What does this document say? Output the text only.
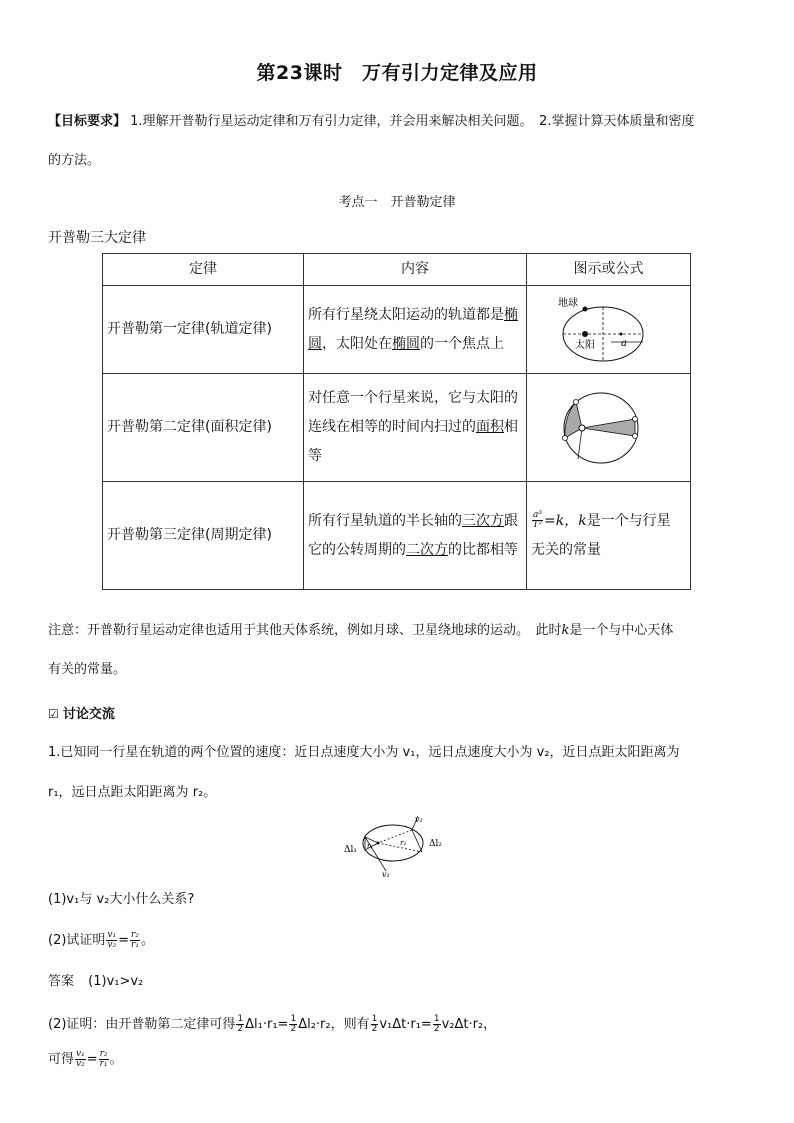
第23课时　万有引力定律及应用
【目标要求】 1.理解开普勒行星运动定律和万有引力定律，并会用来解决相关问题。　2.掌握计算天体质量和密度
的方法。
考点一　开普勒定律
开普勒三大定律
定律	内容	图示或公式
开普勒第一定律(轨道定律)	所有行星绕太阳运动的轨道都是椭
圆，太阳处在椭圆的一个焦点上	地球
太阳 a

开普勒第二定律(面积定律)	对任意一个行星来说，它与太阳的
连线在相等的时间内扫过的面积相
等	

开普勒第三定律(周期定律)	所有行星轨道的半长轴的三次方跟
它的公转周期的二次方的比都相等	$\frac{\text{a³}}{\text{T²}} =k$，k是一个与行星
无关的常量
注意：开普勒行星运动定律也适用于其他天体系统，例如月球、卫星绕地球的运动。　此时k是一个与中心天体
有关的常量。
☑ 讨论交流
1.已知同一行星在轨道的两个位置的速度：近日点速度大小为 v₁，远日点速度大小为 v₂，近日点距太阳距离为
r₁，远日点距太阳距离为 r₂。
Δl₁
Δl₂
v₁
v₂
r₁	r₂
(1)v₁与 v₂大小什么关系?
(2)试证明 $\frac{\text{v₁}}{\text{v₂}} = \frac{\text{r₂}}{\text{r₁}}$ 。
答案 (1)v₁>v₂
(2)证明：由开普勒第二定律可得 $\frac{1}{2} \Delta l_1\cdot r_1= \frac{1}{2} \Delta l_2\cdot r_2$，则有 $\frac{1}{2} v_1\Delta t\cdot r_1= \frac{1}{2} v_2\Delta t\cdot r_2$，
可得 $\frac{\text{v₁}}{\text{v₂}} = \frac{\text{r₂}}{\text{r₁}}$ 。
